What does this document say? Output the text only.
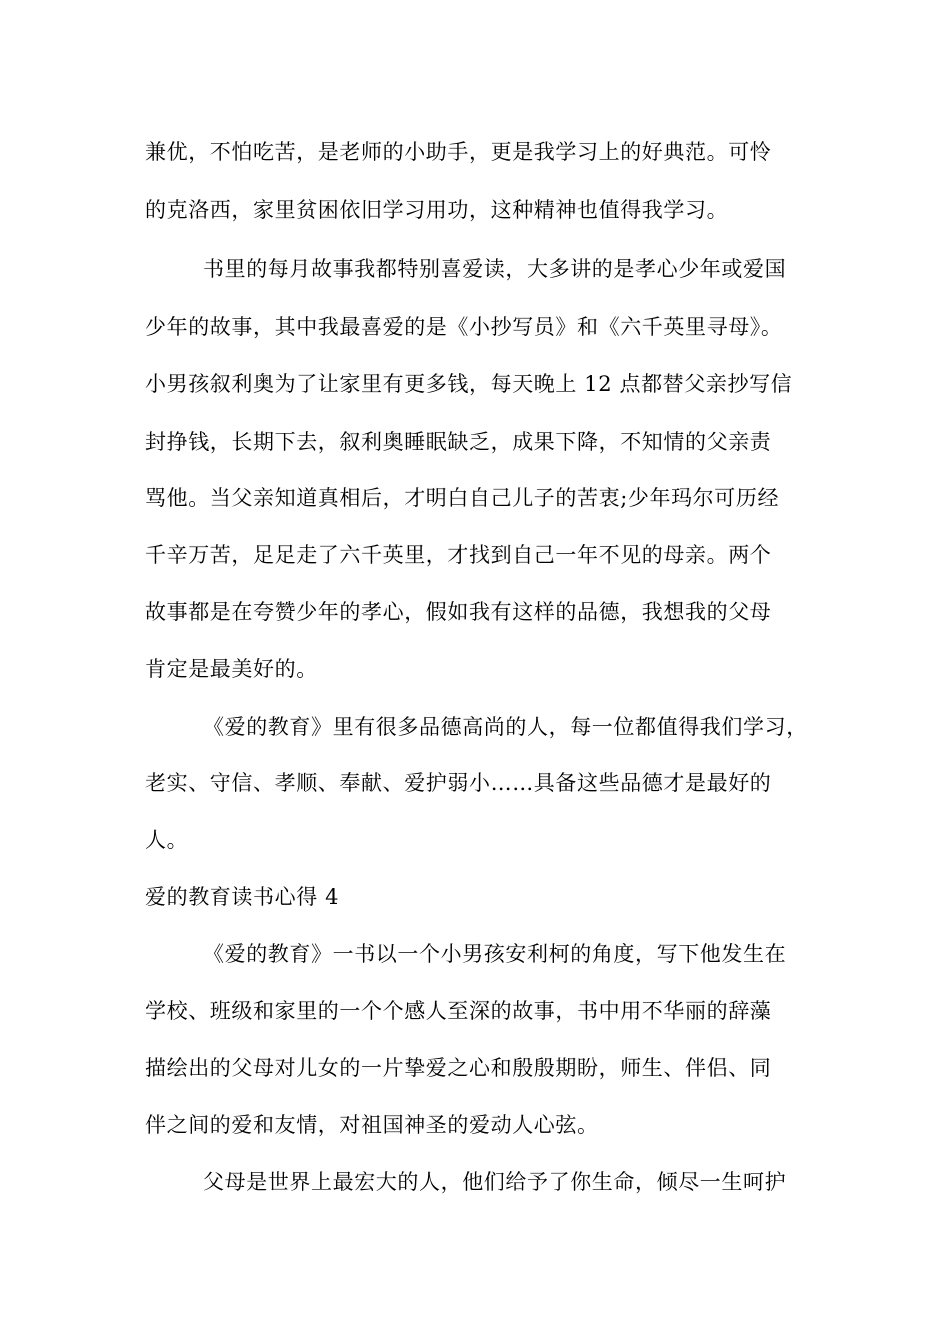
兼优，不怕吃苦，是老师的小助手，更是我学习上的好典范。可怜
的克洛西，家里贫困依旧学习用功，这种精神也值得我学习。
书里的每月故事我都特别喜爱读，大多讲的是孝心少年或爱国
少年的故事，其中我最喜爱的是《小抄写员》和《六千英里寻母》。
小男孩叙利奥为了让家里有更多钱，每天晚上 12 点都替父亲抄写信
封挣钱，长期下去，叙利奥睡眠缺乏，成果下降，不知情的父亲责
骂他。当父亲知道真相后，才明白自己儿子的苦衷;少年玛尔可历经
千辛万苦，足足走了六千英里，才找到自己一年不见的母亲。两个
故事都是在夸赞少年的孝心，假如我有这样的品德，我想我的父母
肯定是最美好的。
《爱的教育》里有很多品德高尚的人，每一位都值得我们学习，
老实、守信、孝顺、奉献、爱护弱小……具备这些品德才是最好的
人。
爱的教育读书心得 4
《爱的教育》一书以一个小男孩安利柯的角度，写下他发生在
学校、班级和家里的一个个感人至深的故事，书中用不华丽的辞藻
描绘出的父母对儿女的一片挚爱之心和殷殷期盼，师生、伴侣、同
伴之间的爱和友情，对祖国神圣的爱动人心弦。
父母是世界上最宏大的人，他们给予了你生命，倾尽一生呵护
